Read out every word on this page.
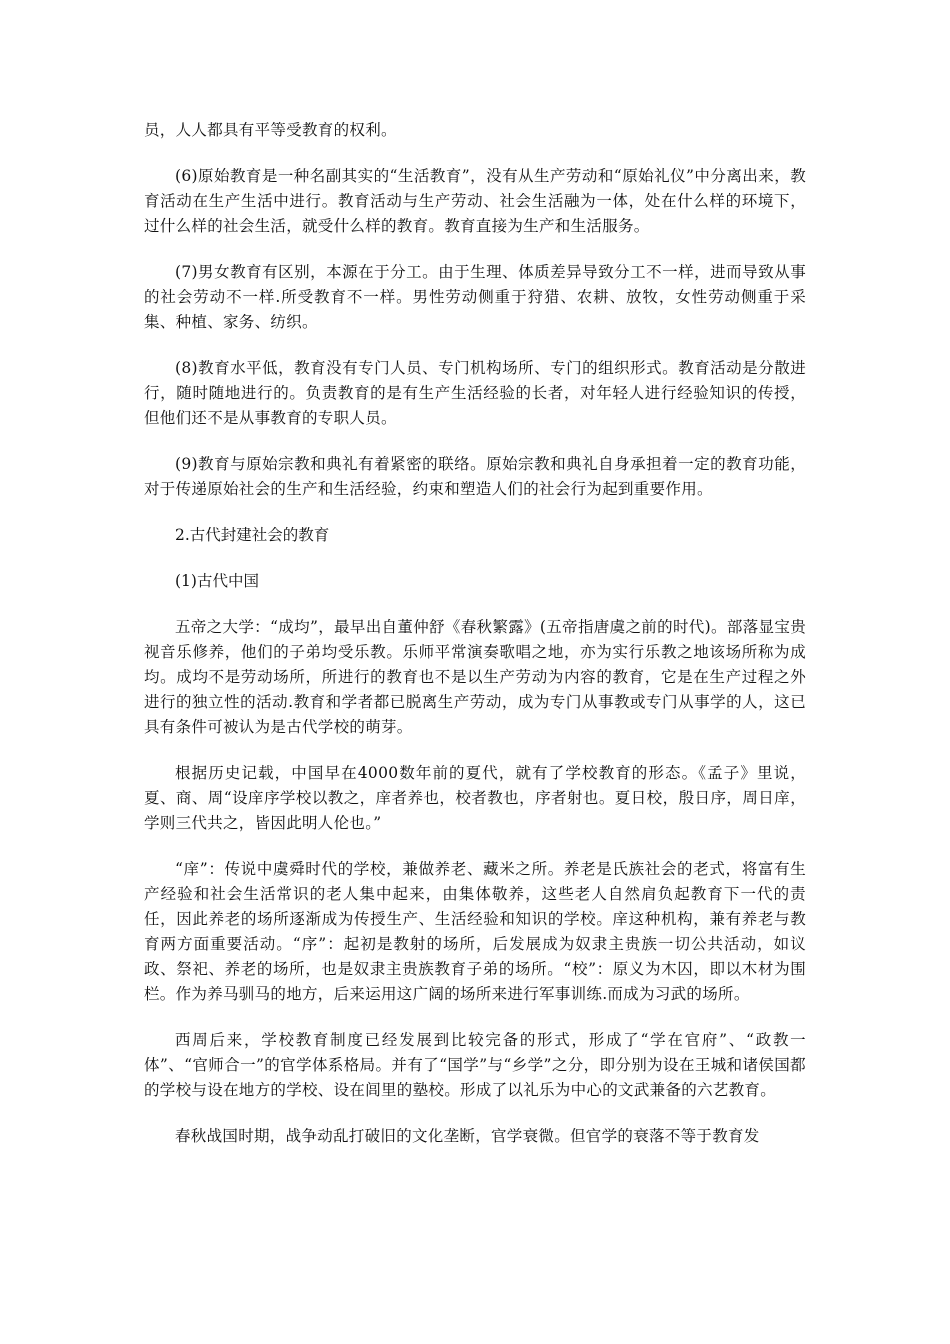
员，人人都具有平等受教育的权利。

(6)原始教育是一种名副其实的“生活教育”，没有从生产劳动和“原始礼仪”中分离出来，教育活动在生产生活中进行。教育活动与生产劳动、社会生活融为一体，处在什么样的环境下，过什么样的社会生活，就受什么样的教育。教育直接为生产和生活服务。

(7)男女教育有区别，本源在于分工。由于生理、体质差异导致分工不一样，进而导致从事的社会劳动不一样.所受教育不一样。男性劳动侧重于狩猎、农耕、放牧，女性劳动侧重于采集、种植、家务、纺织。

(8)教育水平低，教育没有专门人员、专门机构场所、专门的组织形式。教育活动是分散进行，随时随地进行的。负责教育的是有生产生活经验的长者，对年轻人进行经验知识的传授，但他们还不是从事教育的专职人员。

(9)教育与原始宗教和典礼有着紧密的联络。原始宗教和典礼自身承担着一定的教育功能，对于传递原始社会的生产和生活经验，约束和塑造人们的社会行为起到重要作用。

2.古代封建社会的教育

(1)古代中国

五帝之大学：“成均”，最早出自董仲舒《春秋繁露》(五帝指唐虞之前的时代)。部落显宝贵视音乐修养，他们的子弟均受乐教。乐师平常演奏歌唱之地，亦为实行乐教之地该场所称为成均。成均不是劳动场所，所进行的教育也不是以生产劳动为内容的教育，它是在生产过程之外进行的独立性的活动.教育和学者都已脱离生产劳动，成为专门从事教或专门从事学的人，这已具有条件可被认为是古代学校的萌芽。

根据历史记载，中国早在4000数年前的夏代，就有了学校教育的形态。《孟子》里说，夏、商、周“设庠序学校以教之，庠者养也，校者教也，序者射也。夏日校，殷日序，周日庠，学则三代共之，皆因此明人伦也。”

“庠”：传说中虞舜时代的学校，兼做养老、藏米之所。养老是氏族社会的老式，将富有生产经验和社会生活常识的老人集中起来，由集体敬养，这些老人自然肩负起教育下一代的责任，因此养老的场所逐渐成为传授生产、生活经验和知识的学校。庠这种机构，兼有养老与教育两方面重要活动。“序”：起初是教射的场所，后发展成为奴隶主贵族一切公共活动，如议政、祭祀、养老的场所，也是奴隶主贵族教育子弟的场所。“校”：原义为木囚，即以木材为围栏。作为养马驯马的地方，后来运用这广阔的场所来进行军事训练.而成为习武的场所。

西周后来，学校教育制度已经发展到比较完备的形式，形成了“学在官府”、“政教一体”、“官师合一”的官学体系格局。并有了“国学”与“乡学”之分，即分别为设在王城和诸侯国都的学校与设在地方的学校、设在闾里的塾校。形成了以礼乐为中心的文武兼备的六艺教育。

春秋战国时期，战争动乱打破旧的文化垄断，官学衰微。但官学的衰落不等于教育发
